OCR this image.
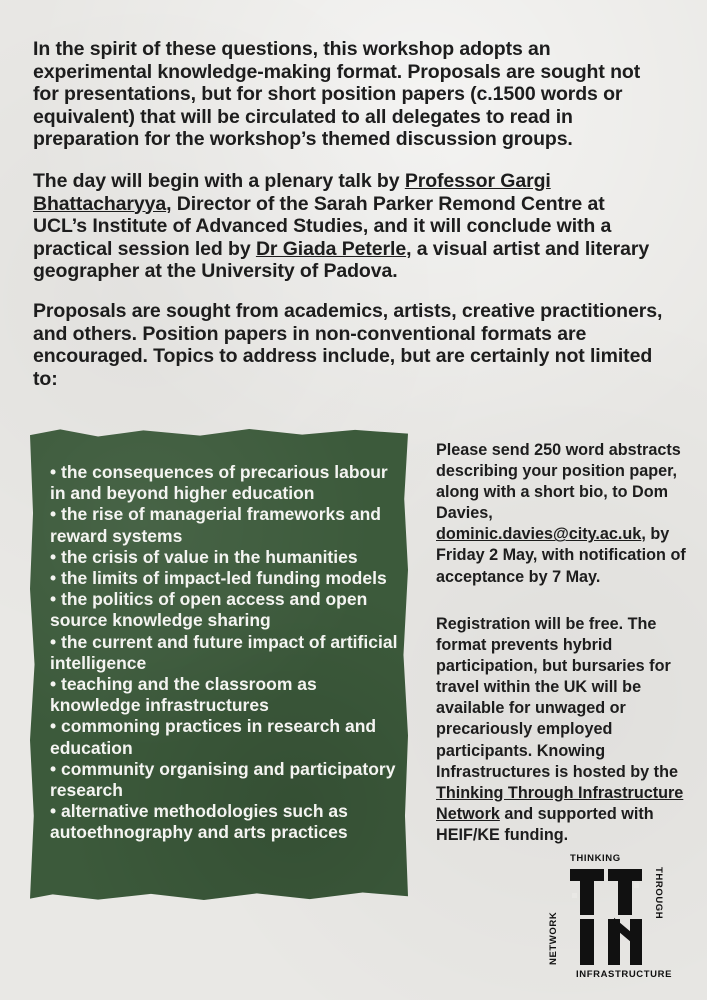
In the spirit of these questions, this workshop adopts an experimental knowledge-making format. Proposals are sought not for presentations, but for short position papers (c.1500 words or equivalent) that will be circulated to all delegates to read in preparation for the workshop’s themed discussion groups.

The day will begin with a plenary talk by Professor Gargi Bhattacharyya, Director of the Sarah Parker Remond Centre at UCL’s Institute of Advanced Studies, and it will conclude with a practical session led by Dr Giada Peterle, a visual artist and literary geographer at the University of Padova.

Proposals are sought from academics, artists, creative practitioners, and others. Position papers in non-conventional formats are encouraged. Topics to address include, but are certainly not limited to:

• the consequences of precarious labour in and beyond higher education
• the rise of managerial frameworks and reward systems
• the crisis of value in the humanities
• the limits of impact-led funding models
• the politics of open access and open source knowledge sharing
• the current and future impact of artificial intelligence
• teaching and the classroom as knowledge infrastructures
• commoning practices in research and education
• community organising and participatory research
• alternative methodologies such as autoethnography and arts practices

Please send 250 word abstracts describing your position paper, along with a short bio, to Dom Davies, dominic.davies@city.ac.uk, by Friday 2 May, with notification of acceptance by 7 May.

Registration will be free. The format prevents hybrid participation, but bursaries for travel within the UK will be available for unwaged or precariously employed participants. Knowing Infrastructures is hosted by the Thinking Through Infrastructure Network and supported with HEIF/KE funding.

THINKING
THROUGH
INFRASTRUCTURE
NETWORK
